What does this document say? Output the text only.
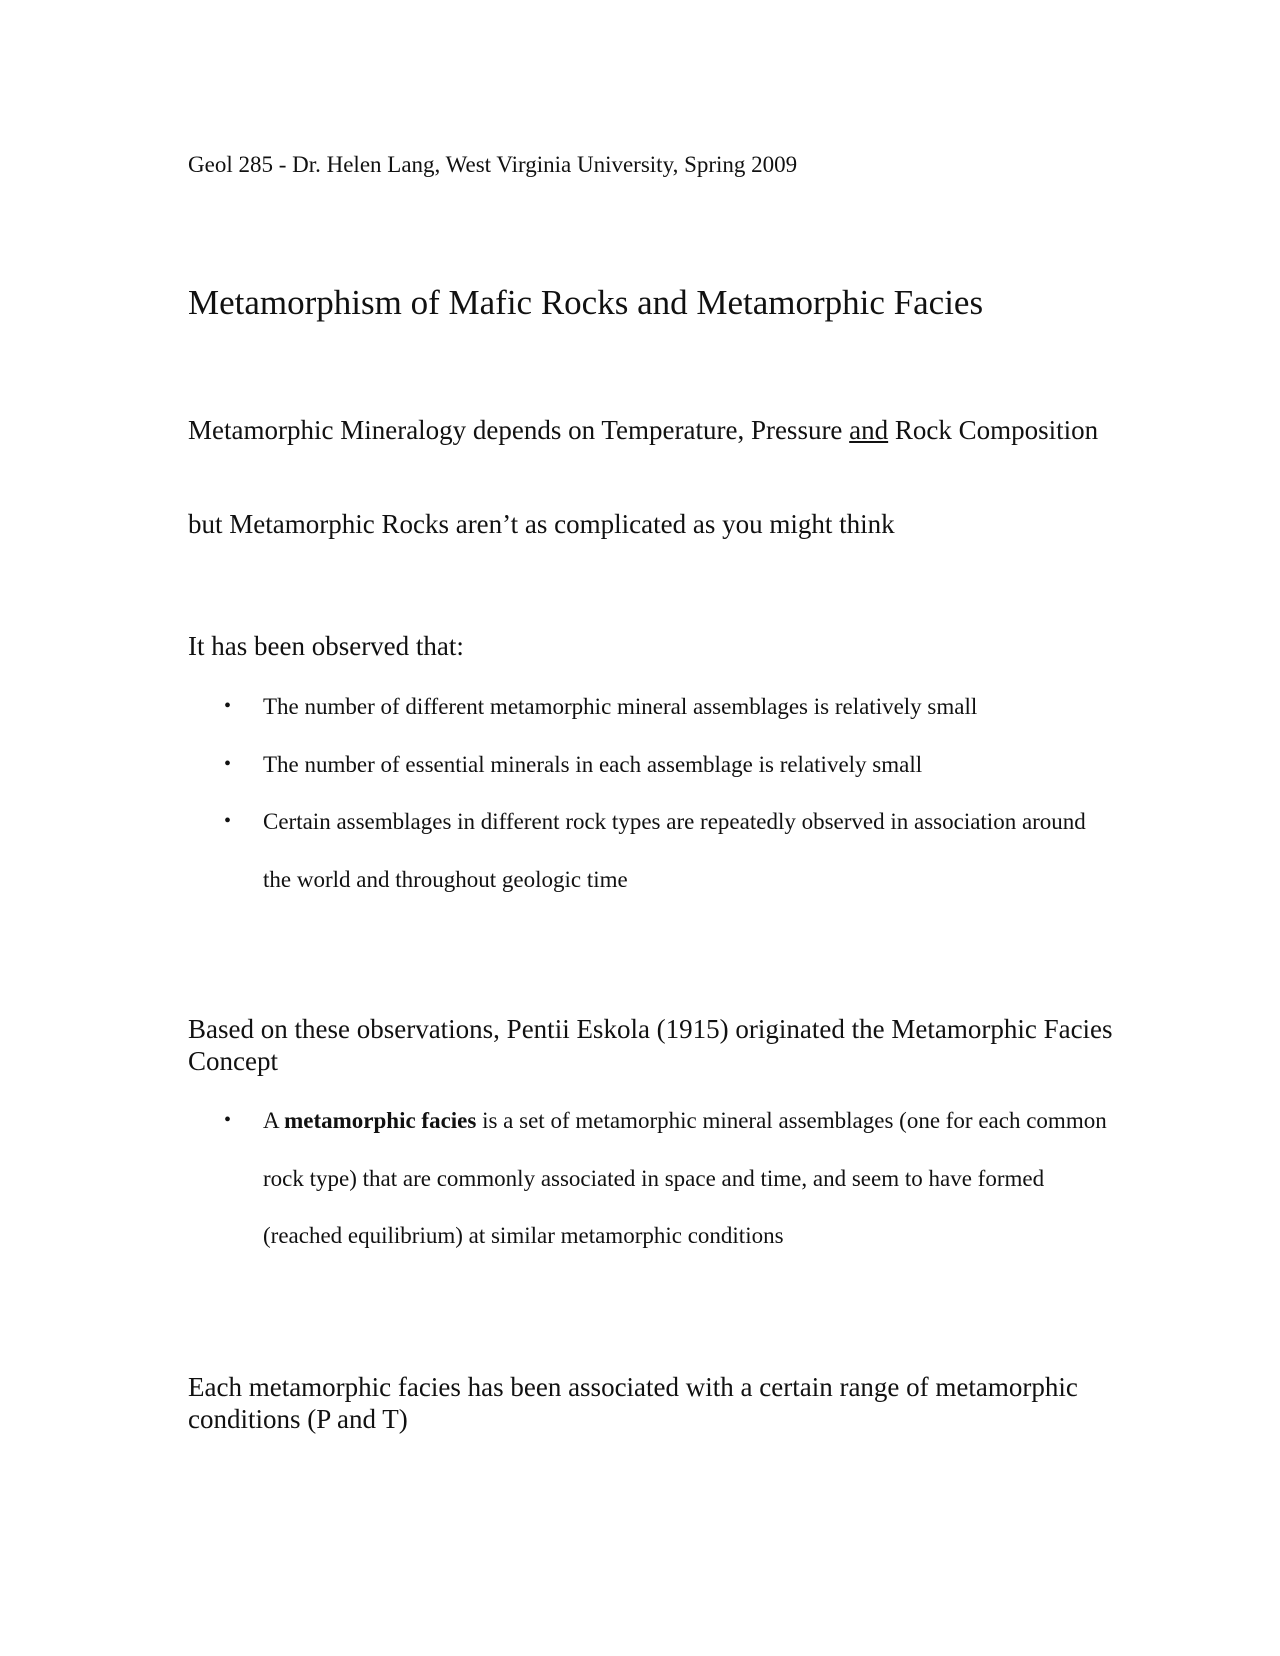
Geol 285 - Dr. Helen Lang, West Virginia University, Spring 2009

Metamorphism of Mafic Rocks and Metamorphic Facies

Metamorphic Mineralogy depends on Temperature, Pressure and Rock Composition

but Metamorphic Rocks aren’t as complicated as you might think

It has been observed that:

• The number of different metamorphic mineral assemblages is relatively small
• The number of essential minerals in each assemblage is relatively small
• Certain assemblages in different rock types are repeatedly observed in association around the world and throughout geologic time

Based on these observations, Pentii Eskola (1915) originated the Metamorphic Facies Concept

• A metamorphic facies is a set of metamorphic mineral assemblages (one for each common rock type) that are commonly associated in space and time, and seem to have formed (reached equilibrium) at similar metamorphic conditions

Each metamorphic facies has been associated with a certain range of metamorphic conditions (P and T)
